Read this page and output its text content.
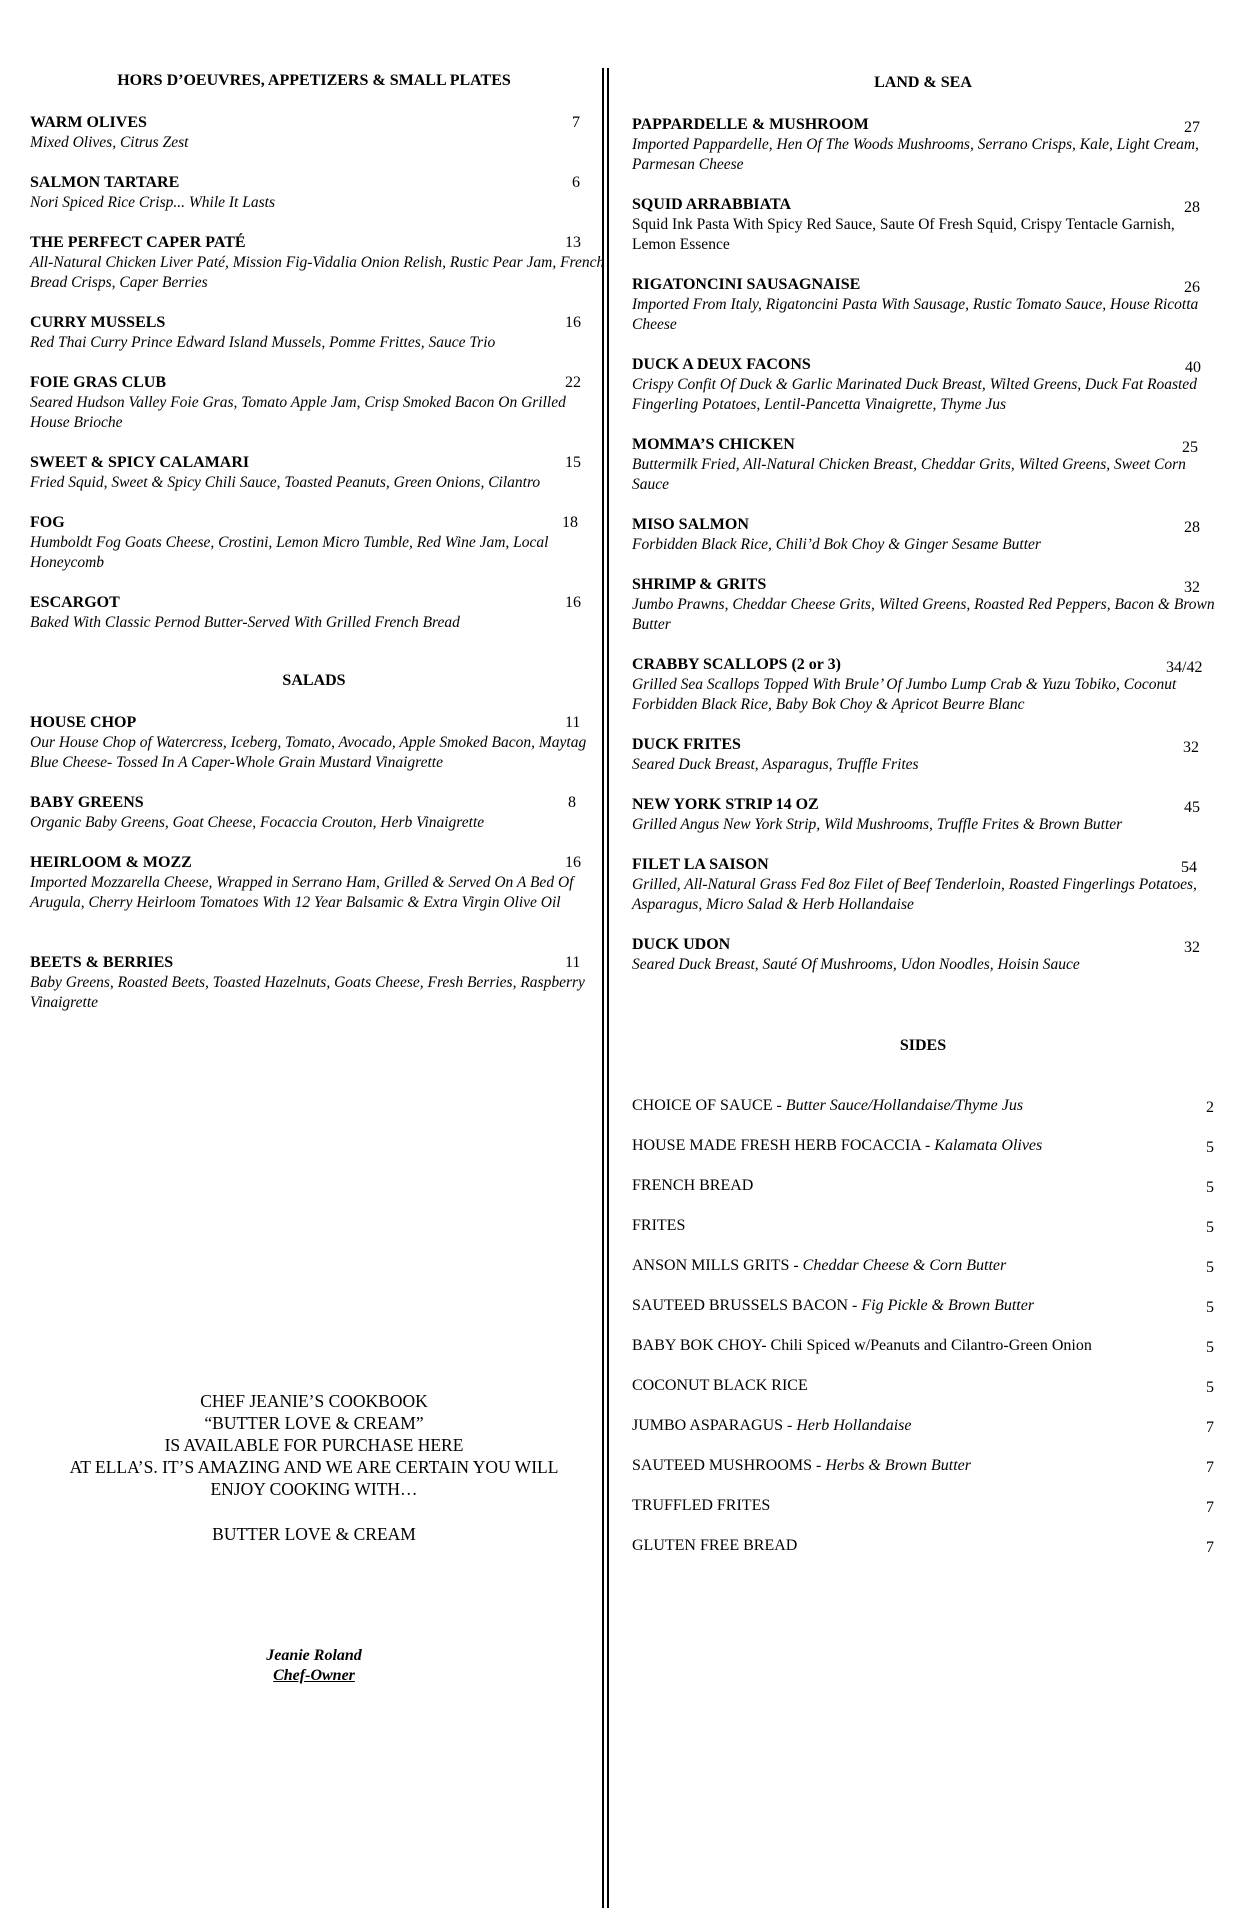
HORS D’OEUVRES, APPETIZERS & SMALL PLATES
WARM OLIVES	7
Mixed Olives, Citrus Zest
SALMON TARTARE	6
Nori Spiced Rice Crisp... While It Lasts
THE PERFECT CAPER PATÉ	13
All-Natural Chicken Liver Paté, Mission Fig-Vidalia Onion Relish, Rustic Pear Jam, French Bread Crisps, Caper Berries
CURRY MUSSELS	16
Red Thai Curry Prince Edward Island Mussels, Pomme Frittes, Sauce Trio
FOIE GRAS CLUB	22
Seared Hudson Valley Foie Gras, Tomato Apple Jam, Crisp Smoked Bacon On Grilled House Brioche
SWEET & SPICY CALAMARI	15
Fried Squid, Sweet & Spicy Chili Sauce, Toasted Peanuts, Green Onions, Cilantro
FOG	18
Humboldt Fog Goats Cheese, Crostini, Lemon Micro Tumble, Red Wine Jam, Local Honeycomb
ESCARGOT	16
Baked With Classic Pernod Butter-Served With Grilled French Bread
SALADS
HOUSE CHOP	11
Our House Chop of Watercress, Iceberg, Tomato, Avocado, Apple Smoked Bacon, Maytag Blue Cheese- Tossed In A Caper-Whole Grain Mustard Vinaigrette
BABY GREENS	8
Organic Baby Greens, Goat Cheese, Focaccia Crouton, Herb Vinaigrette
HEIRLOOM & MOZZ	16
Imported Mozzarella Cheese, Wrapped in Serrano Ham, Grilled & Served On A Bed Of Arugula, Cherry Heirloom Tomatoes With 12 Year Balsamic & Extra Virgin Olive Oil
BEETS & BERRIES	11
Baby Greens, Roasted Beets, Toasted Hazelnuts, Goats Cheese, Fresh Berries, Raspberry Vinaigrette
CHEF JEANIE’S COOKBOOK
“BUTTER LOVE & CREAM”
IS AVAILABLE FOR PURCHASE HERE
AT ELLA’S. IT’S AMAZING AND WE ARE CERTAIN YOU WILL
ENJOY COOKING WITH…
BUTTER LOVE & CREAM
Jeanie Roland
Chef-Owner
LAND & SEA
PAPPARDELLE & MUSHROOM	27
Imported Pappardelle, Hen Of The Woods Mushrooms, Serrano Crisps, Kale, Light Cream, Parmesan Cheese
SQUID ARRABBIATA	28
Squid Ink Pasta With Spicy Red Sauce, Saute Of Fresh Squid, Crispy Tentacle Garnish, Lemon Essence
RIGATONCINI SAUSAGNAISE	26
Imported From Italy, Rigatoncini Pasta With Sausage, Rustic Tomato Sauce, House Ricotta Cheese
DUCK A DEUX FACONS	40
Crispy Confit Of Duck & Garlic Marinated Duck Breast, Wilted Greens, Duck Fat Roasted Fingerling Potatoes, Lentil-Pancetta Vinaigrette, Thyme Jus
MOMMA’S CHICKEN	25
Buttermilk Fried, All-Natural Chicken Breast, Cheddar Grits, Wilted Greens, Sweet Corn Sauce
MISO SALMON	28
Forbidden Black Rice, Chili’d Bok Choy & Ginger Sesame Butter
SHRIMP & GRITS	32
Jumbo Prawns, Cheddar Cheese Grits, Wilted Greens, Roasted Red Peppers, Bacon & Brown Butter
CRABBY SCALLOPS (2 or 3)	34/42
Grilled Sea Scallops Topped With Brule’ Of Jumbo Lump Crab & Yuzu Tobiko, Coconut Forbidden Black Rice, Baby Bok Choy & Apricot Beurre Blanc
DUCK FRITES	32
Seared Duck Breast, Asparagus, Truffle Frites
NEW YORK STRIP 14 OZ	45
Grilled Angus New York Strip, Wild Mushrooms, Truffle Frites & Brown Butter
FILET LA SAISON	54
Grilled, All-Natural Grass Fed 8oz Filet of Beef Tenderloin, Roasted Fingerlings Potatoes, Asparagus, Micro Salad & Herb Hollandaise
DUCK UDON	32
Seared Duck Breast, Sauté Of Mushrooms, Udon Noodles, Hoisin Sauce
SIDES
CHOICE OF SAUCE - Butter Sauce/Hollandaise/Thyme Jus	2
HOUSE MADE FRESH HERB FOCACCIA - Kalamata Olives	5
FRENCH BREAD	5
FRITES	5
ANSON MILLS GRITS - Cheddar Cheese & Corn Butter	5
SAUTEED BRUSSELS BACON - Fig Pickle & Brown Butter	5
BABY BOK CHOY- Chili Spiced w/Peanuts and Cilantro-Green Onion	5
COCONUT BLACK RICE	5
JUMBO ASPARAGUS - Herb Hollandaise	7
SAUTEED MUSHROOMS - Herbs & Brown Butter	7
TRUFFLED FRITES	7
GLUTEN FREE BREAD	7
